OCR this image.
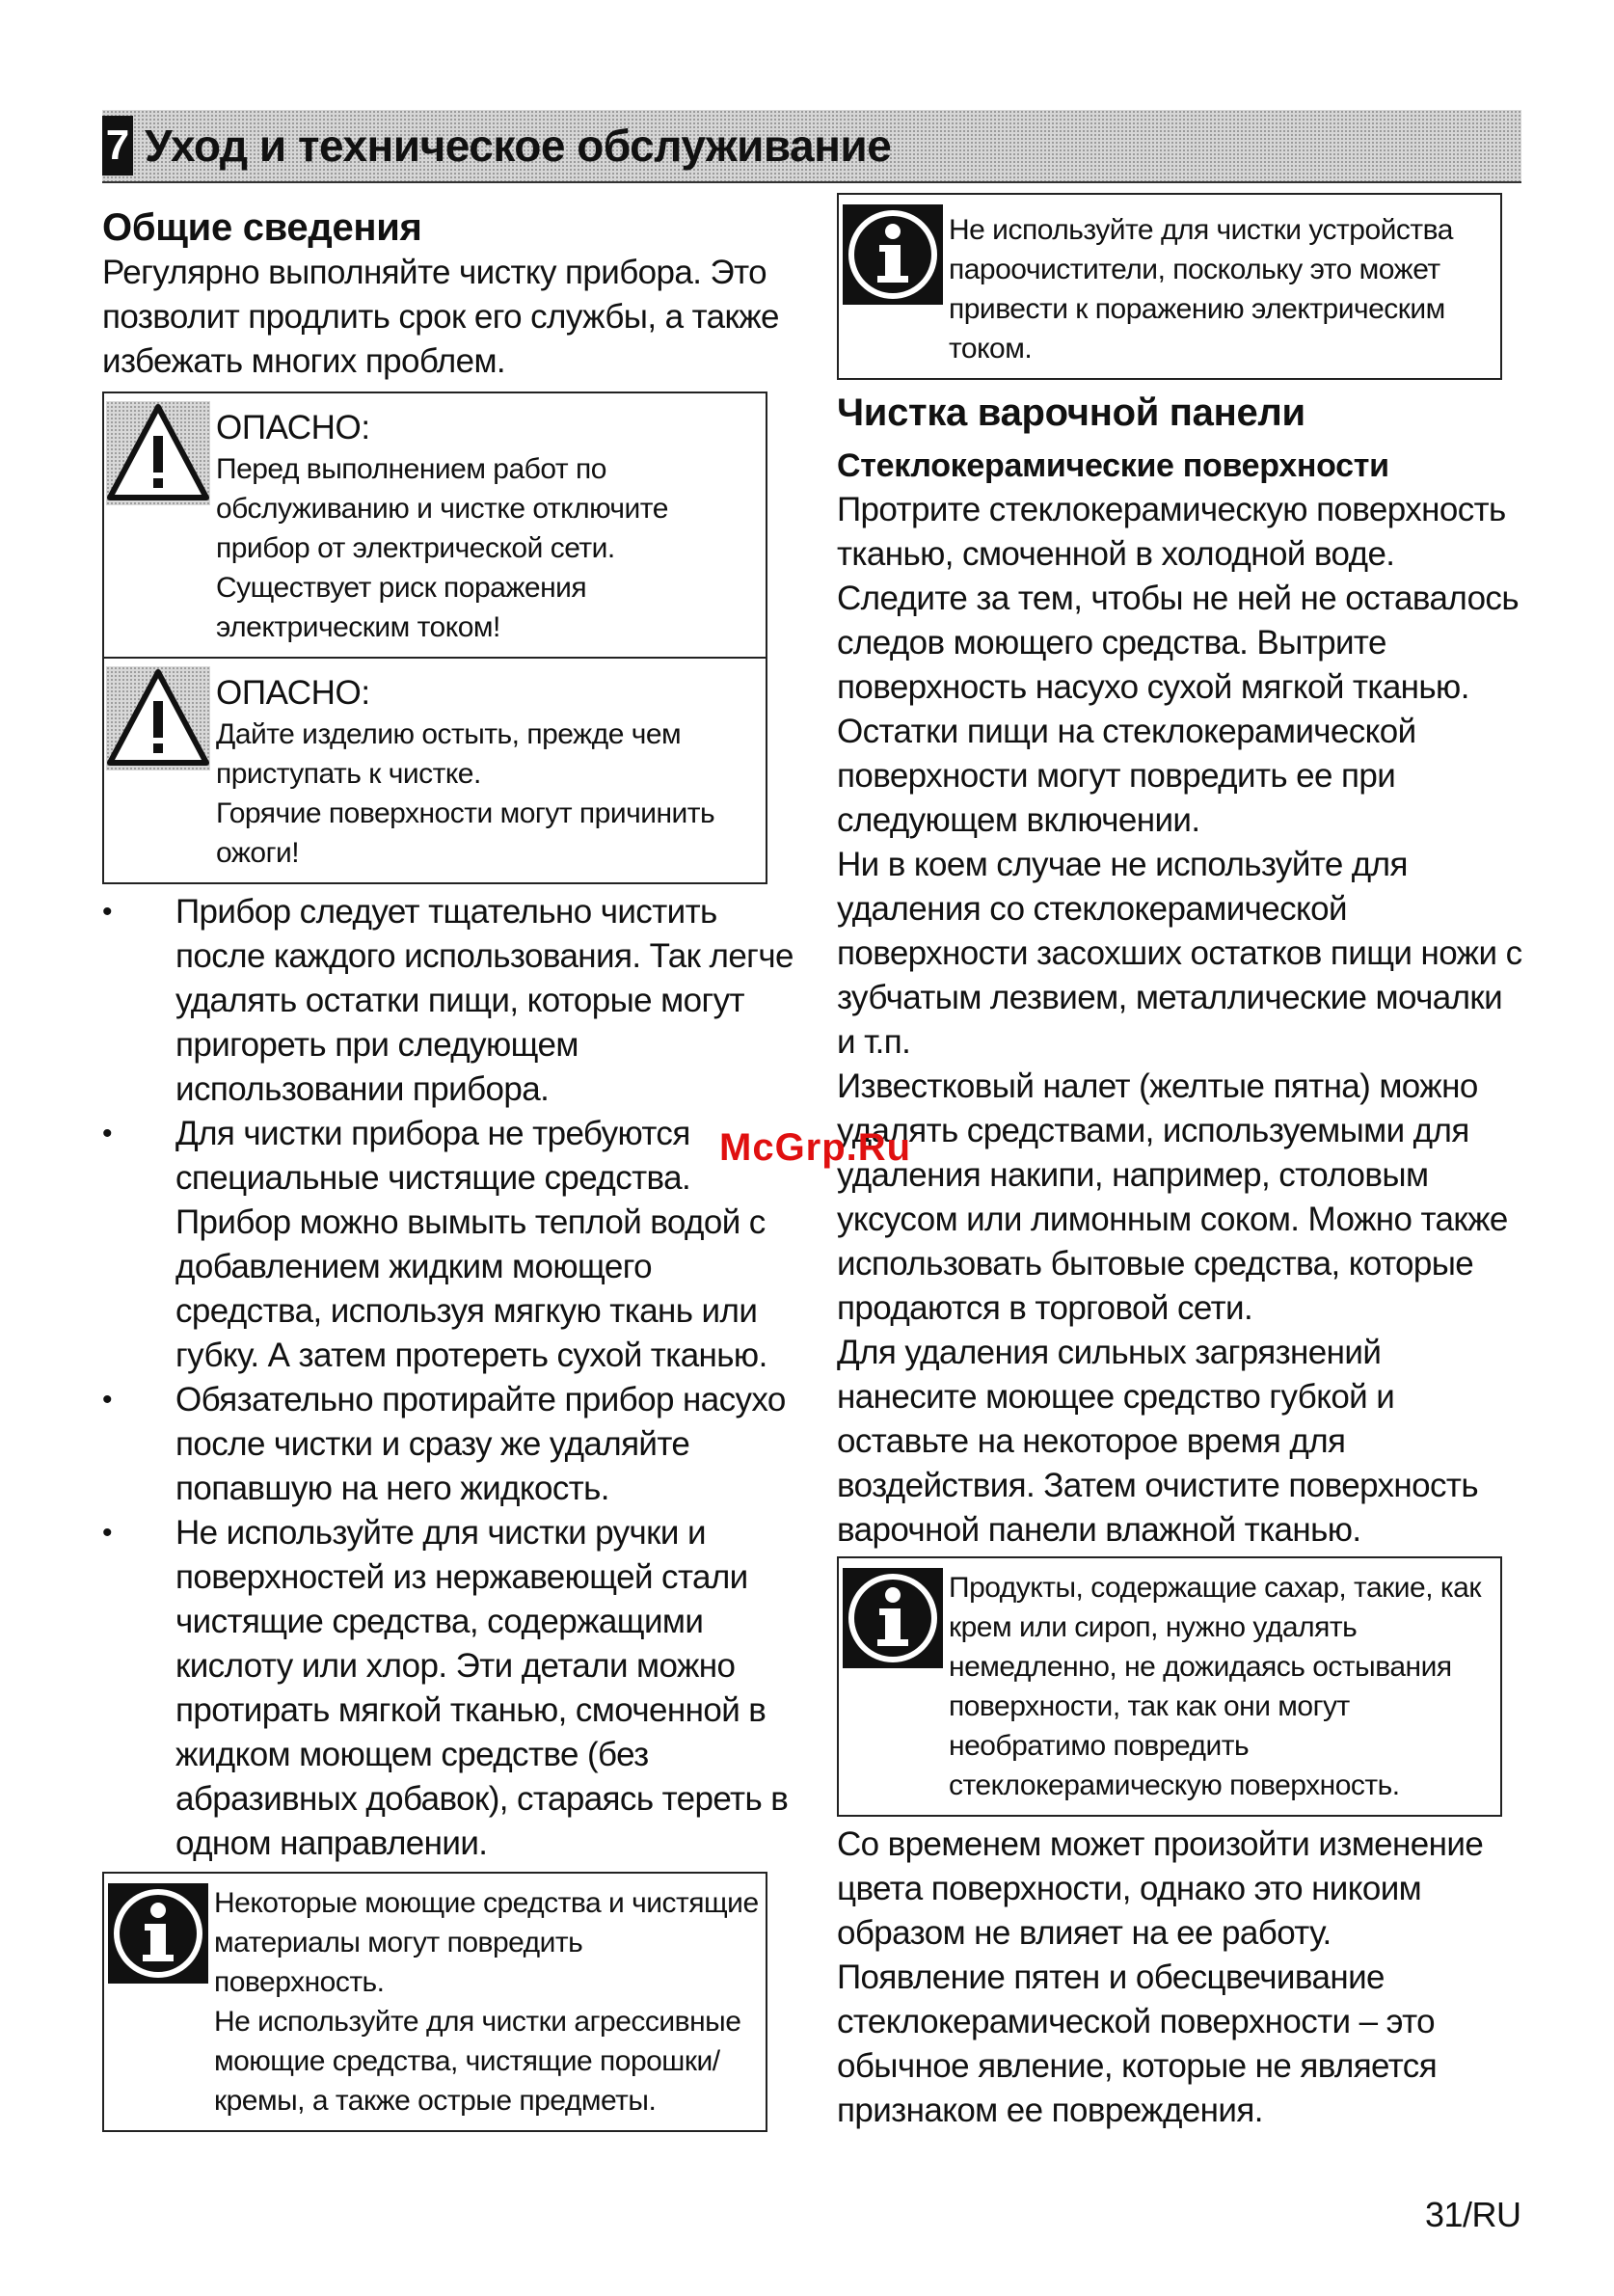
7 Уход и техническое обслуживание
Общие сведения

Регулярно выполняйте чистку прибора. Это позволит продлить срок его службы, а также избежать многих проблем.

ОПАСНО:

Перед выполнением работ по обслуживанию и чистке отключите прибор от электрической сети.

Существует риск поражения электрическим током!

ОПАСНО:

Дайте изделию остыть, прежде чем приступать к чистке.

Горячие поверхности могут причинить ожоги!

• Прибор следует тщательно чистить после каждого использования. Так легче удалять остатки пищи, которые могут пригореть при следующем использовании прибора.
• Для чистки прибора не требуются специальные чистящие средства. Прибор можно вымыть теплой водой с добавлением жидким моющего средства, используя мягкую ткань или губку. А затем протереть сухой тканью.
• Обязательно протирайте прибор насухо после чистки и сразу же удаляйте попавшую на него жидкость.
• Не используйте для чистки ручки и поверхностей из нержавеющей стали чистящие средства, содержащими кислоту или хлор. Эти детали можно протирать мягкой тканью, смоченной в жидком моющем средстве (без абразивных добавок), стараясь тереть в одном направлении.

Некоторые моющие средства и чистящие материалы могут повредить поверхность.

Не используйте для чистки агрессивные моющие средства, чистящие порошки/кремы, а также острые предметы.

Не используйте для чистки устройства пароочистители, поскольку это может привести к поражению электрическим током.

Чистка варочной панели
Стеклокерамические поверхности

Протрите стеклокерамическую поверхность тканью, смоченной в холодной воде.

Следите за тем, чтобы не ней не оставалось следов моющего средства. Вытрите поверхность насухо сухой мягкой тканью.

Остатки пищи на стеклокерамической поверхности могут повредить ее при следующем включении.

Ни в коем случае не используйте для удаления со стеклокерамической поверхности засохших остатков пищи ножи с зубчатым лезвием, металлические мочалки и т.п.

Известковый налет (желтые пятна) можно удалять средствами, используемыми для удаления накипи, например, столовым уксусом или лимонным соком. Можно также использовать бытовые средства, которые продаются в торговой сети.

Для удаления сильных загрязнений нанесите моющее средство губкой и оставьте на некоторое время для воздействия. Затем очистите поверхность варочной панели влажной тканью.

Продукты, содержащие сахар, такие, как крем или сироп, нужно удалять немедленно, не дожидаясь остывания поверхности, так как они могут необратимо повредить стеклокерамическую поверхность.

Со временем может произойти изменение цвета поверхности, однако это никоим образом не влияет на ее работу.

Появление пятен и обесцвечивание стеклокерамической поверхности – это обычное явление, которые не является признаком ее повреждения.

McGrp.Ru
31/RU
